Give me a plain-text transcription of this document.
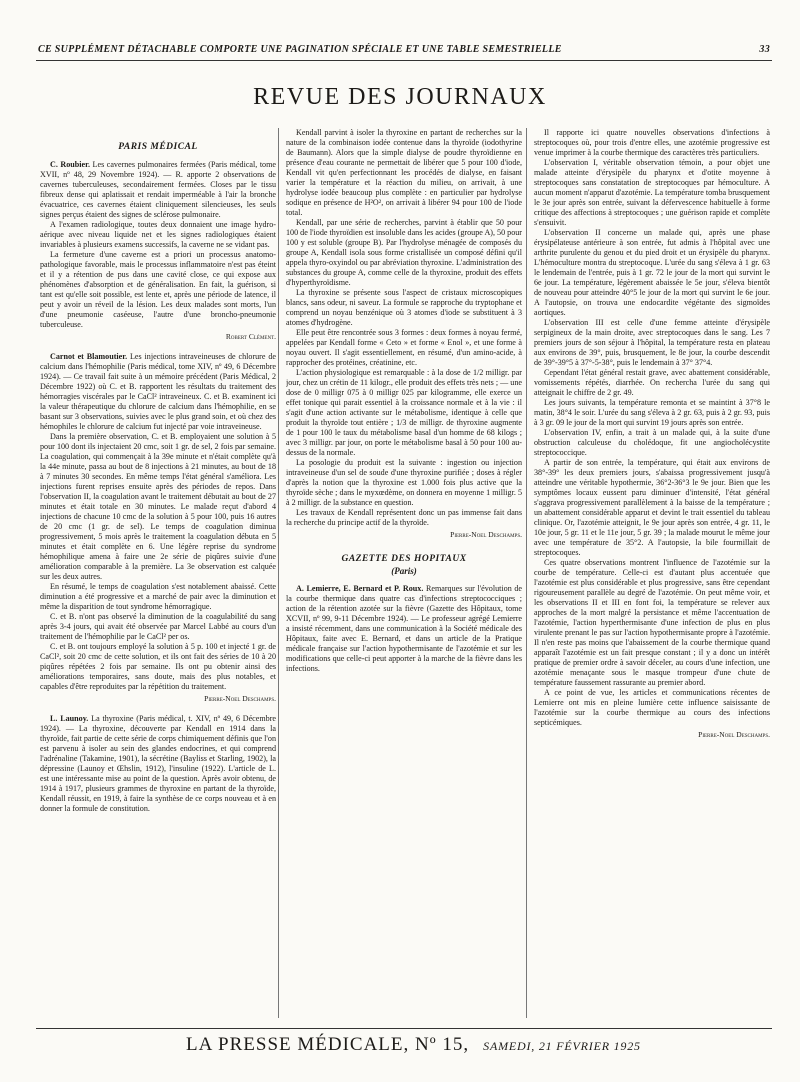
CE SUPPLÉMENT DÉTACHABLE COMPORTE UNE PAGINATION SPÉCIALE ET UNE TABLE SEMESTRIELLE	33
REVUE DES JOURNAUX
PARIS MÉDICAL

C. Roubier. Les cavernes pulmonaires fermées (Paris médical, tome XVII, nº 48, 29 Novembre 1924). — R. apporte 2 observations de cavernes tuberculeuses, secondairement fermées. Closes par le tissu fibreux dense qui aplatissait et rendait imperméable à l'air la bronche évacuatrice, ces cavernes étaient cliniquement silencieuses, les seuls signes perçus étaient des signes de sclérose pulmonaire.

A l'examen radiologique, toutes deux donnaient une image hydro-aérique avec niveau liquide net et les signes radiologiques étaient invariables à plusieurs examens successifs, la caverne ne se vidant pas.

La fermeture d'une caverne est a priori un processus anatomo-pathologique favorable, mais le processus inflammatoire n'est pas éteint et il y a rétention de pus dans une cavité close, ce qui expose aux phénomènes d'absorption et de généralisation. En fait, la guérison, si tant est qu'elle soit possible, est lente et, après une période de latence, il peut y avoir un réveil de la lésion. Les deux malades sont morts, l'un d'une pneumonie caséeuse, l'autre d'une broncho-pneumonie tuberculeuse.

Robert Clément.

Carnot et Blamoutier. Les injections intraveineuses de chlorure de calcium dans l'hémophilie (Paris médical, tome XIV, nº 49, 6 Décembre 1924). — Ce travail fait suite à un mémoire précédent (Paris Médical, 2 Décembre 1922) où C. et B. rapportent les résultats du traitement des hémorragies viscérales par le CaCl² intraveineux. C. et B. examinent ici la valeur thérapeutique du chlorure de calcium dans l'hémophilie, en se basant sur 3 observations, suivies avec le plus grand soin, et où chez des hémophiles le chlorure de calcium fut injecté par voie intraveineuse.

Dans la première observation, C. et B. employaient une solution à 5 pour 100 dont ils injectaient 20 cmc, soit 1 gr. de sel, 2 fois par semaine. La coagulation, qui commençait à la 39e minute et n'était complète qu'à la 44e minute, passa au bout de 8 injections à 21 minutes, au bout de 18 à 7 minutes 30 secondes. En même temps l'état général s'améliora. Les injections furent reprises ensuite après des périodes de repos. Dans l'observation II, la coagulation avant le traitement débutait au bout de 27 minutes et était totale en 30 minutes. Le malade reçut d'abord 4 injections de chacune 10 cmc de la solution à 5 pour 100, puis 16 autres de 20 cmc (1 gr. de sel). Le temps de coagulation diminua progressivement, 5 mois après le traitement la coagulation débuta en 5 minutes et était complète en 6. Une légère reprise du syndrome hémophilique amena à faire une 2e série de piqûres suivie d'une amélioration comparable à la première. La 3e observation est calquée sur les deux autres.

En résumé, le temps de coagulation s'est notablement abaissé. Cette diminution a été progressive et a marché de pair avec la diminution et même la disparition de tout syndrome hémorragique.

C. et B. n'ont pas observé la diminution de la coagulabilité du sang après 3-4 jours, qui avait été observée par Marcel Labbé au cours d'un traitement de l'hémophilie par le CaCl² per os.

C. et B. ont toujours employé la solution à 5 p. 100 et injecté 1 gr. de CaCl², soit 20 cmc de cette solution, et ils ont fait des séries de 10 à 20 piqûres répétées 2 fois par semaine. Ils ont pu obtenir ainsi des améliorations temporaires, sans doute, mais des plus notables, et capables d'être reproduites par la répétition du traitement.

Pierre-Noel Deschamps.

L. Launoy. La thyroxine (Paris médical, t. XIV, nº 49, 6 Décembre 1924). — La thyroxine, découverte par Kendall en 1914 dans la thyroïde, fait partie de cette série de corps chimiquement définis que l'on est parvenu à isoler au sein des glandes endocrines, et qui comprend l'adrénaline (Takamine, 1901), la sécrétine (Bayliss et Starling, 1902), la dépressine (Launoy et Œhslin, 1912), l'insuline (1922). L'article de L. est une intéressante mise au point de la question. Après avoir obtenu, de 1914 à 1917, plusieurs grammes de thyroxine en partant de la thyroïde, Kendall réussit, en 1919, à faire la synthèse de ce corps nouveau et à en donner la formule de constitution.

Kendall parvint à isoler la thyroxine en partant de recherches sur la nature de la combinaison iodée contenue dans la thyroïde (iodothyrine de Baumann). Alors que la simple dialyse de poudre thyroïdienne en présence d'eau courante ne permettait de libérer que 5 pour 100 d'iode, Kendall vit qu'en perfectionnant les procédés de dialyse, en faisant varier la température et la réaction du milieu, on arrivait, à une hydrolyse iodée beaucoup plus complète : en particulier par hydrolyse sodique en présence de H²O², on arrivait à libérer 94 pour 100 de l'iode total.

Kendall, par une série de recherches, parvint à établir que 50 pour 100 de l'iode thyroïdien est insoluble dans les acides (groupe A), 50 pour 100 y est soluble (groupe B). Par l'hydrolyse ménagée de composés du groupe A, Kendall isola sous forme cristallisée un composé défini qu'il appela thyro-oxyindol ou par abréviation thyroxine. L'administration des substances du groupe A, comme celle de la thyroxine, produit des effets d'hyperthyroïdisme.

La thyroxine se présente sous l'aspect de cristaux microscopiques blancs, sans odeur, ni saveur. La formule se rapproche du tryptophane et comprend un noyau benzénique où 3 atomes d'iode se substituent à 3 atomes d'hydrogène.

Elle peut être rencontrée sous 3 formes : deux formes à noyau fermé, appelées par Kendall forme « Ceto » et forme « Enol », et une forme à noyau ouvert. Il s'agit essentiellement, en résumé, d'un amino-acide, à rapprocher des protéines, créatinine, etc.

L'action physiologique est remarquable : à la dose de 1/2 milligr. par jour, chez un crétin de 11 kilogr., elle produit des effets très nets ; — une dose de 0 milligr 075 à 0 milligr 025 par kilogramme, elle exerce un effet tonique qui parait essentiel à la croissance normale et à la vie : il s'agit d'une action activante sur le métabolisme, identique à celle que produit la thyroïde tout entière ; 1/3 de milligr. de thyroxine augmente de 1 pour 100 le taux du métabolisme basal d'un homme de 68 kilogs ; avec 3 milligr. par jour, on porte le métabolisme basal à 50 pour 100 au-dessus de la normale.

La posologie du produit est la suivante : ingestion ou injection intraveineuse d'un sel de soude d'une thyroxine purifiée ; doses à régler d'après la notion que la thyroxine est 1.000 fois plus active que la thyroïde sèche ; dans le myxœdème, on donnera en moyenne 1 milligr. 5 à 2 milligr. de la substance en question.

Les travaux de Kendall représentent donc un pas immense fait dans la recherche du principe actif de la thyroïde.

Pierre-Noel Deschamps.
GAZETTE DES HOPITAUX
(Paris)

A. Lemierre, E. Bernard et P. Roux. Remarques sur l'évolution de la courbe thermique dans quatre cas d'infections streptococciques ; action de la rétention azotée sur la fièvre (Gazette des Hôpitaux, tome XCVII, nº 99, 9-11 Décembre 1924). — Le professeur agrégé Lemierre a insisté récemment, dans une communication à la Société médicale des Hôpitaux, faite avec E. Bernard, et dans un article de la Pratique médicale française sur l'action hypothermisante de l'azotémie et sur les modifications que celle-ci peut apporter à la marche de la fièvre dans les infections.

Il rapporte ici quatre nouvelles observations d'infections à streptocoques où, pour trois d'entre elles, une azotémie progressive est venue imprimer à la courbe thermique des caractères très particuliers.

L'observation I, véritable observation témoin, a pour objet une malade atteinte d'érysipèle du pharynx et d'otite moyenne à streptocoques sans constatation de streptocoques par hémoculture. A aucun moment n'apparut d'azotémie. La température tomba brusquement le 3e jour après son entrée, suivant la défervescence habituelle à forme critique des affections à streptocoques ; une guérison rapide et complète s'ensuivit.

L'observation II concerne un malade qui, après une phase érysipélateuse antérieure à son entrée, fut admis à l'hôpital avec une arthrite purulente du genou et du pied droit et un érysipèle du pharynx. L'hémoculture montra du streptocoque. L'urée du sang s'éleva à 1 gr. 63 le lendemain de l'entrée, puis à 1 gr. 72 le jour de la mort qui survint le 6e jour. La température, légèrement abaissée le 5e jour, s'éleva bientôt de nouveau pour atteindre 40°5 le jour de la mort qui survint le 6e jour. A l'autopsie, on trouva une endocardite végétante des sigmoïdes aortiques.

L'observation III est celle d'une femme atteinte d'érysipèle serpigineux de la main droite, avec streptocoques dans le sang. Les 7 premiers jours de son séjour à l'hôpital, la température resta en plateau aux environs de 39°, puis, brusquement, le 8e jour, la courbe descendit de 39°-39°5 à 37°-5-38°, puis le lendemain à 37° 37°4.

Cependant l'état général restait grave, avec abattement considérable, vomissements répétés, diarrhée. On rechercha l'urée du sang qui atteignait le chiffre de 2 gr. 49.

Les jours suivants, la température remonta et se maintint à 37°8 le matin, 38°4 le soir. L'urée du sang s'éleva à 2 gr. 63, puis à 2 gr. 93, puis à 3 gr. 09 le jour de la mort qui survint 19 jours après son entrée.

L'observation IV, enfin, a trait à un malade qui, à la suite d'une obstruction calculeuse du cholédoque, fit une angiocholécystite streptococcique.

A partir de son entrée, la température, qui était aux environs de 38°-39° les deux premiers jours, s'abaissa progressivement jusqu'à atteindre une véritable hypothermie, 36°2-36°3 le 9e jour. Bien que les symptômes locaux eussent paru diminuer d'intensité, l'état général s'aggrava progressivement parallèlement à la baisse de la température ; un abattement considérable apparut et devint le trait essentiel du tableau clinique. Or, l'azotémie atteignit, le 9e jour après son entrée, 4 gr. 11, le 10e jour, 5 gr. 11 et le 11e jour, 5 gr. 39 ; la malade mourut le même jour avec une température de 35°2. A l'autopsie, la bile fourmillait de streptocoques.

Ces quatre observations montrent l'influence de l'azotémie sur la courbe de température. Celle-ci est d'autant plus accentuée que l'azotémie est plus considérable et plus progressive, sans être cependant rigoureusement parallèle au degré de l'azotémie. On peut même voir, et les observations II et III en font foi, la température se relever aux approches de la mort malgré la persistance et même l'accentuation de l'azotémie, l'action hyperthermisante d'une infection de plus en plus virulente prenant le pas sur l'action hypothermisante propre à l'azotémie. Il n'en reste pas moins que l'abaissement de la courbe thermique quand apparaît l'azotémie est un fait presque constant ; il y a donc un intérêt pratique de premier ordre à savoir déceler, au cours d'une infection, une azotémie menaçante sous le masque trompeur d'une chute de température faussement rassurante au premier abord.

A ce point de vue, les articles et communications récentes de Lemierre ont mis en pleine lumière cette influence saisissante de l'azotémie sur la courbe thermique au cours des infections septicémiques.

Pierre-Noel Deschamps.
LA PRESSE MÉDICALE, Nº 15, SAMEDI, 21 FÉVRIER 1925
